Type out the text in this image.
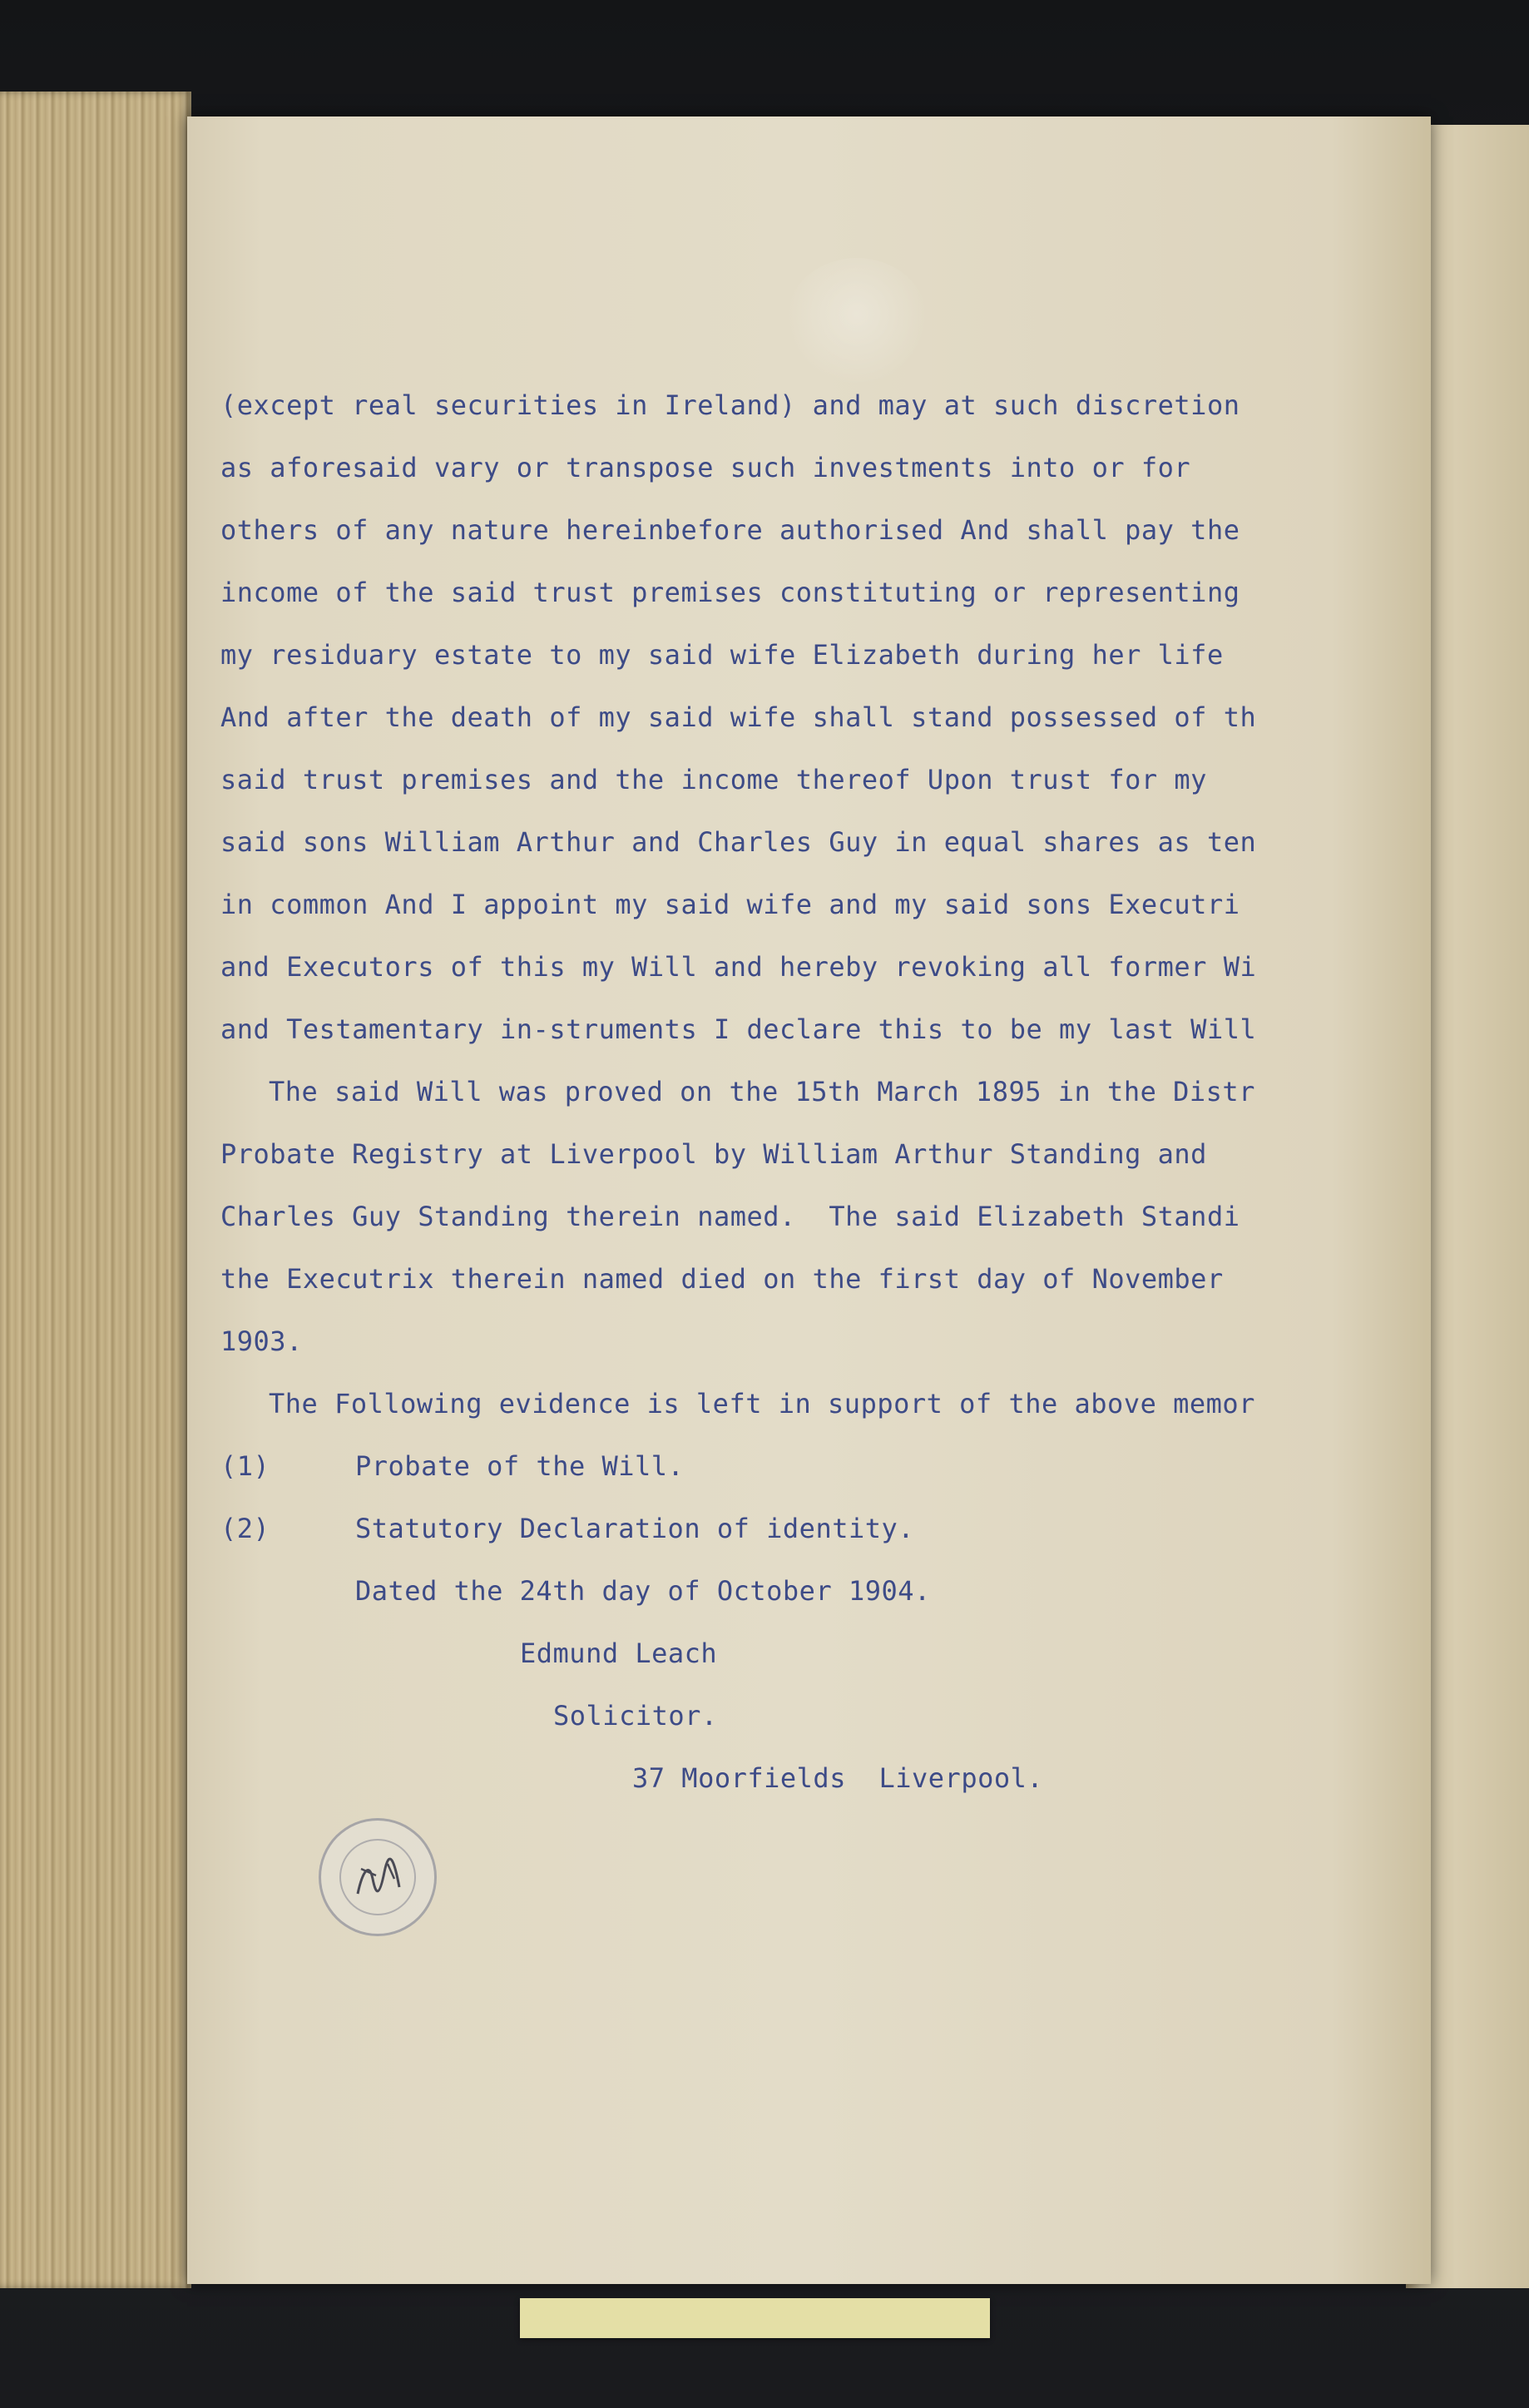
(except real securities in Ireland) and may at such discretion
as aforesaid vary or transpose such investments into or for
others of any nature hereinbefore authorised And shall pay the
income of the said trust premises constituting or representing
my residuary estate to my said wife Elizabeth during her life
And after the death of my said wife shall stand possessed of th
said trust premises and the income thereof Upon trust for my
said sons William Arthur and Charles Guy in equal shares as ten
in common And I appoint my said wife and my said sons Executri
and Executors of this my Will and hereby revoking all former Wi
and Testamentary in-struments I declare this to be my last Will
The said Will was proved on the 15th March 1895 in the Distr
Probate Registry at Liverpool by William Arthur Standing and
Charles Guy Standing therein named.  The said Elizabeth Standi
the Executrix therein named died on the first day of November
1903.
The Following evidence is left in support of the above memor
(1)	Probate of the Will.
(2)	Statutory Declaration of identity.
Dated the 24th day of October 1904.
Edmund Leach
Solicitor.
37 Moorfields  Liverpool.
